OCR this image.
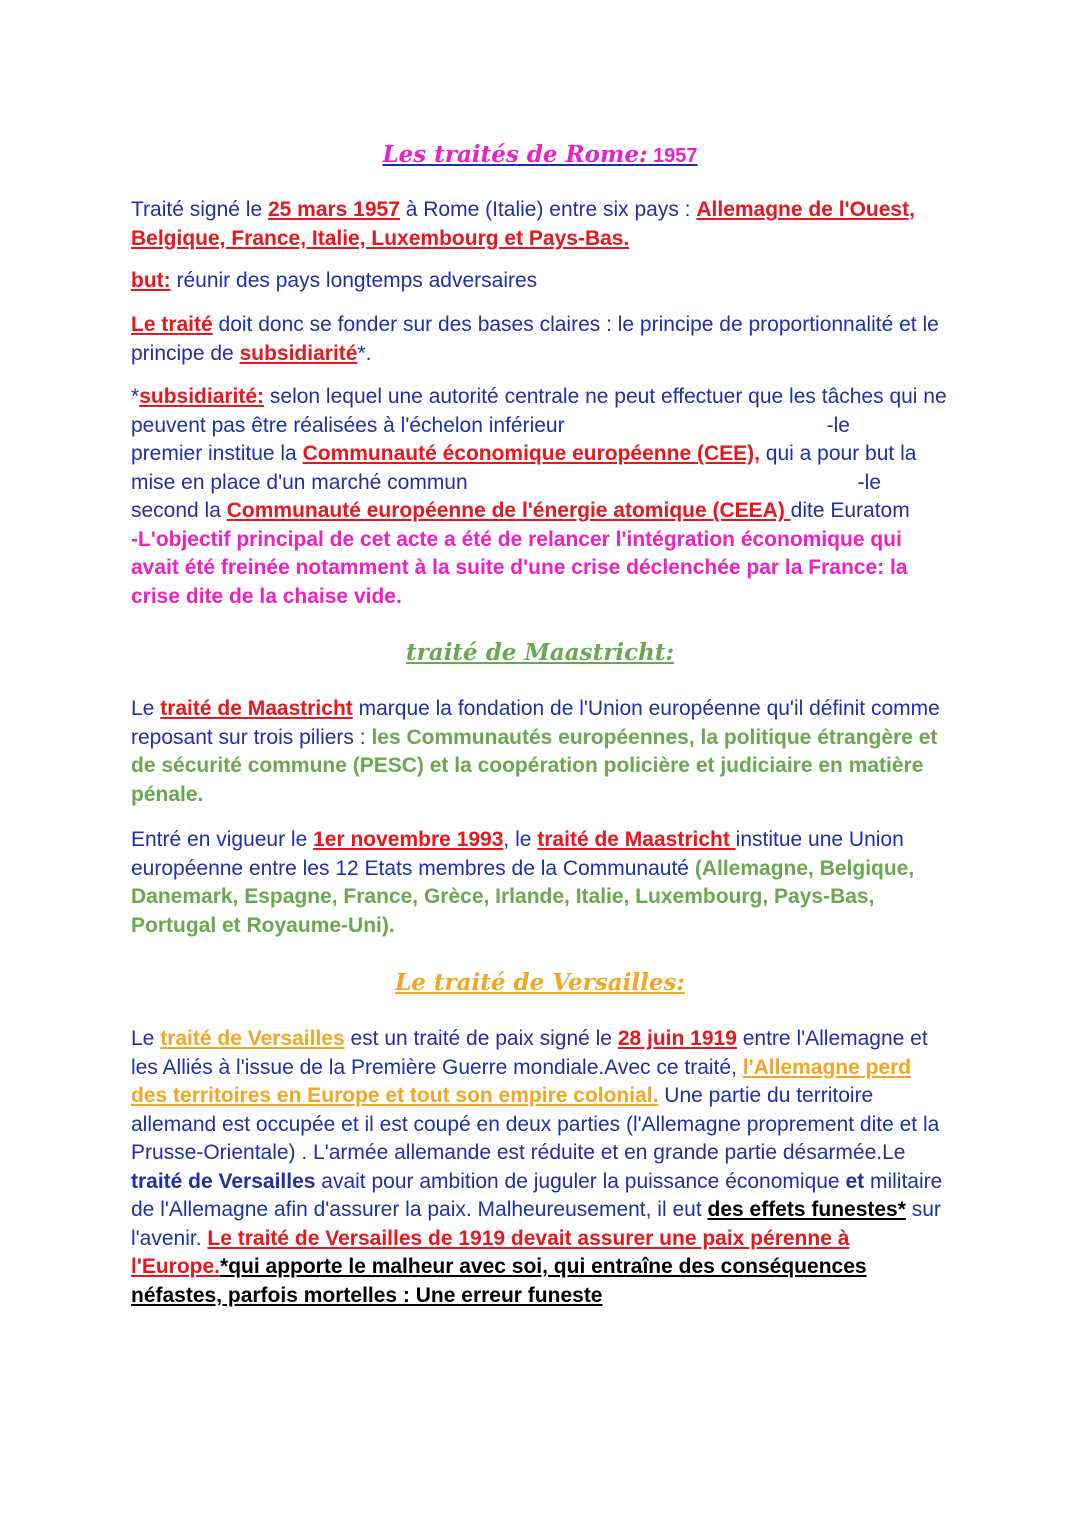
Les traités de Rome: 1957

Traité signé le 25 mars 1957 à Rome (Italie) entre six pays : Allemagne de l'Ouest, Belgique, France, Italie, Luxembourg et Pays-Bas.

but: réunir des pays longtemps adversaires

Le traité doit donc se fonder sur des bases claires : le principe de proportionnalité et le principe de subsidiarité*.

*subsidiarité: selon lequel une autorité centrale ne peut effectuer que les tâches qui ne peuvent pas être réalisées à l'échelon inférieur	-le
premier institue la Communauté économique européenne (CEE), qui a pour but la mise en place d'un marché commun	-le
second la Communauté européenne de l'énergie atomique (CEEA) dite Euratom
-L'objectif principal de cet acte a été de relancer l'intégration économique qui avait été freinée notamment à la suite d'une crise déclenchée par la France: la crise dite de la chaise vide.
traité de Maastricht:

Le traité de Maastricht marque la fondation de l'Union européenne qu'il définit comme reposant sur trois piliers : les Communautés européennes, la politique étrangère et de sécurité commune (PESC) et la coopération policière et judiciaire en matière pénale.

Entré en vigueur le 1er novembre 1993, le traité de Maastricht institue une Union européenne entre les 12 Etats membres de la Communauté (Allemagne, Belgique, Danemark, Espagne, France, Grèce, Irlande, Italie, Luxembourg, Pays-Bas, Portugal et Royaume-Uni).

Le traité de Versailles:

Le traité de Versailles est un traité de paix signé le 28 juin 1919 entre l'Allemagne et les Alliés à l'issue de la Première Guerre mondiale.Avec ce traité, l'Allemagne perd des territoires en Europe et tout son empire colonial. Une partie du territoire allemand est occupée et il est coupé en deux parties (l'Allemagne proprement dite et la Prusse-Orientale) . L'armée allemande est réduite et en grande partie désarmée.Le traité de Versailles avait pour ambition de juguler la puissance économique et militaire de l'Allemagne afin d'assurer la paix. Malheureusement, il eut des effets funestes* sur l'avenir. Le traité de Versailles de 1919 devait assurer une paix pérenne à l'Europe.*qui apporte le malheur avec soi, qui entraîne des conséquences néfastes, parfois mortelles : Une erreur funeste
